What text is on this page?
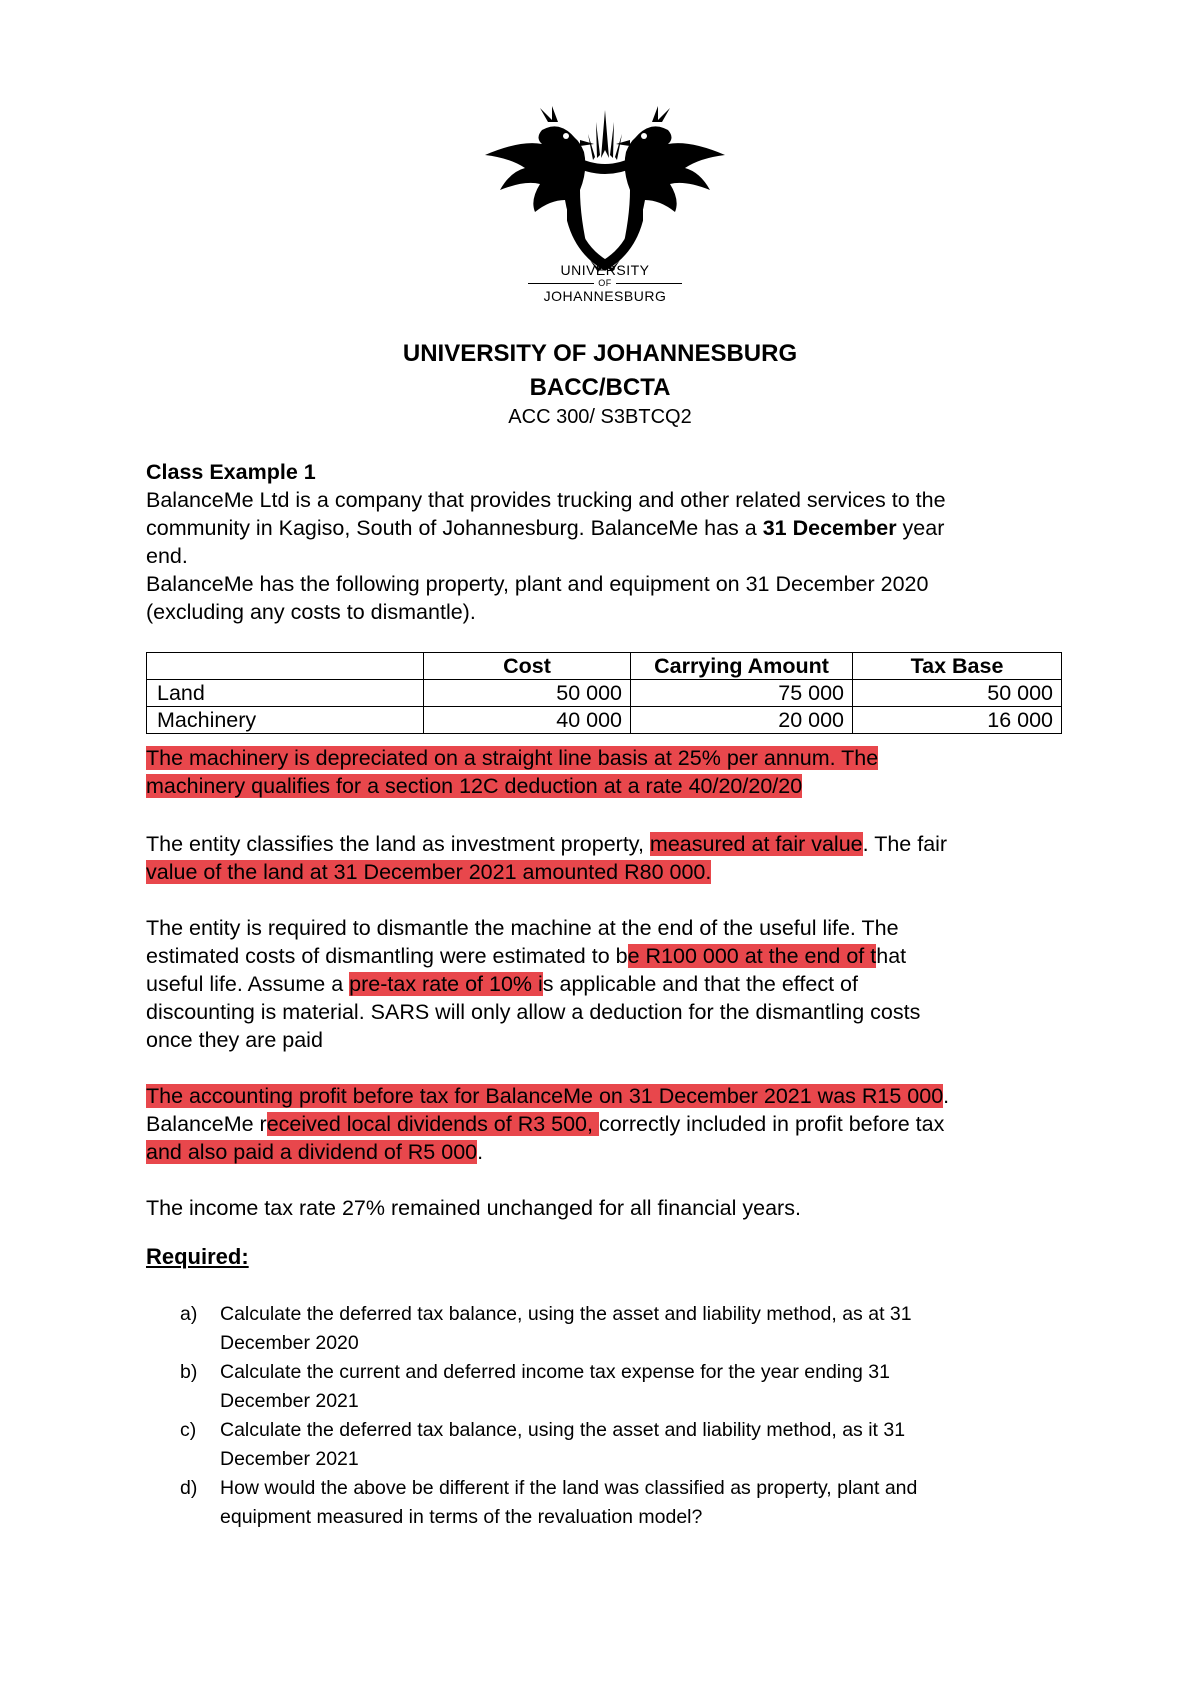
UNIVERSITY
OF
JOHANNESBURG
UNIVERSITY OF JOHANNESBURG
BACC/BCTA
ACC 300/ S3BTCQ2
Class Example 1
BalanceMe Ltd is a company that provides trucking and other related services to the
community in Kagiso, South of Johannesburg. BalanceMe has a 31 December year
end.
BalanceMe has the following property, plant and equipment on 31 December 2020
(excluding any costs to dismantle).
	Cost	Carrying Amount	Tax Base
Land	50 000	75 000	50 000
Machinery	40 000	20 000	16 000
The machinery is depreciated on a straight line basis at 25% per annum. The
machinery qualifies for a section 12C deduction at a rate 40/20/20/20
The entity classifies the land as investment property, measured at fair value. The fair
value of the land at 31 December 2021 amounted R80 000.
The entity is required to dismantle the machine at the end of the useful life. The
estimated costs of dismantling were estimated to be R100 000 at the end of that
useful life. Assume a pre-tax rate of 10% is applicable and that the effect of
discounting is material. SARS will only allow a deduction for the dismantling costs
once they are paid
The accounting profit before tax for BalanceMe on 31 December 2021 was R15 000.
BalanceMe received local dividends of R3 500, correctly included in profit before tax
and also paid a dividend of R5 000.
The income tax rate 27% remained unchanged for all financial years.
Required:
a) Calculate the deferred tax balance, using the asset and liability method, as at 31
December 2020
b) Calculate the current and deferred income tax expense for the year ending 31
December 2021
c) Calculate the deferred tax balance, using the asset and liability method, as it 31
December 2021
d) How would the above be different if the land was classified as property, plant and
equipment measured in terms of the revaluation model?
